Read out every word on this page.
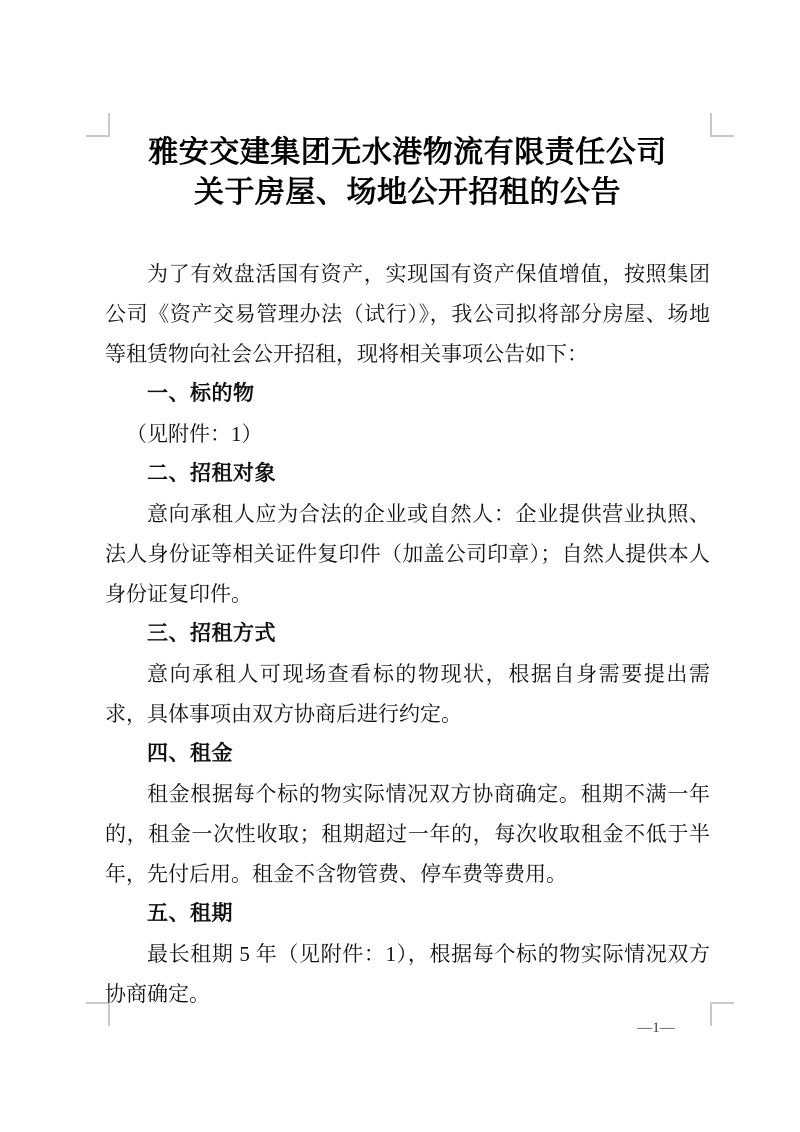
雅安交建集团无水港物流有限责任公司
关于房屋、场地公开招租的公告

为了有效盘活国有资产，实现国有资产保值增值，按照集团公司《资产交易管理办法（试行）》，我公司拟将部分房屋、场地等租赁物向社会公开招租，现将相关事项公告如下：

一、标的物

（见附件：1）

二、招租对象

意向承租人应为合法的企业或自然人：企业提供营业执照、法人身份证等相关证件复印件（加盖公司印章）；自然人提供本人身份证复印件。

三、招租方式

意向承租人可现场查看标的物现状，根据自身需要提出需求，具体事项由双方协商后进行约定。

四、租金

租金根据每个标的物实际情况双方协商确定。租期不满一年的，租金一次性收取；租期超过一年的，每次收取租金不低于半年，先付后用。租金不含物管费、停车费等费用。

五、租期

最长租期 5 年（见附件：1），根据每个标的物实际情况双方协商确定。

—1—
